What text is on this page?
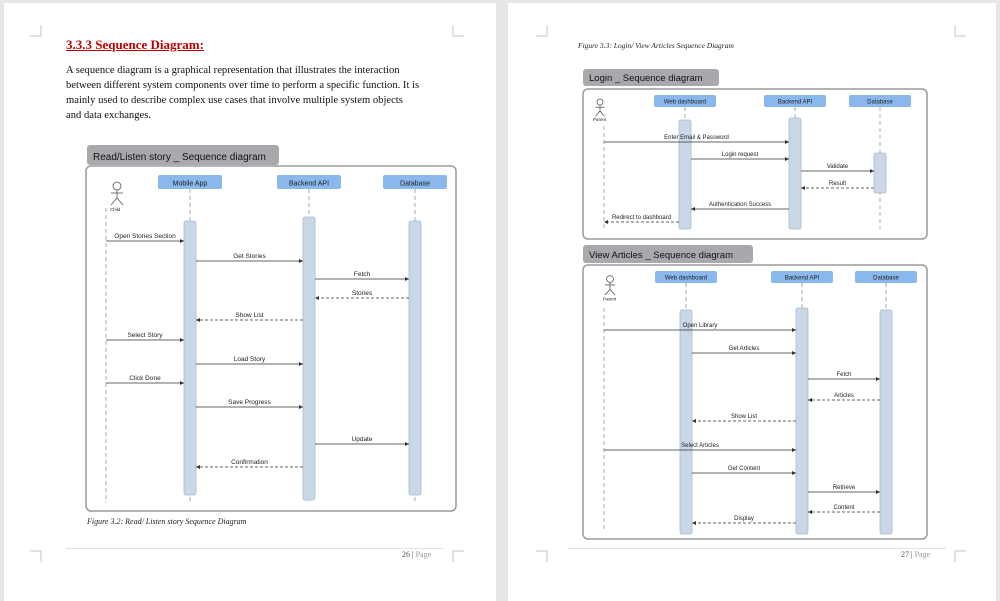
3.3.3 Sequence Diagram:

A sequence diagram is a graphical representation that illustrates the interaction
between different system components over time to perform a specific function. It is
mainly used to describe complex use cases that involve multiple system objects
and data exchanges.

Read/Listen story _ Sequence diagram
Child
Mobile App	Backend API	Database
Open Stories Section
Get Stories
Fetch
Stories
Show List
Select Story
Load Story
Click Done
Save Progress
Update
Confirmation
Figure 3.2: Read/ Listen story Sequence Diagram
26 | Page
Figure 3.3: Login/ View Articles Sequence Diagram
Login _ Sequence diagram
Parent
Web dashboard	Backend API	Database
Enter Email & Password
Login request
Validate
Result
Authentication Success
Redirect to dashboard
View Articles _ Sequence diagram
Parent
Web dashboard	Backend API	Database
Open Library
Get Articles
Fetch
Articles
Show List
Select Articles
Get Content
Retrieve
Content
Display
27 | Page
